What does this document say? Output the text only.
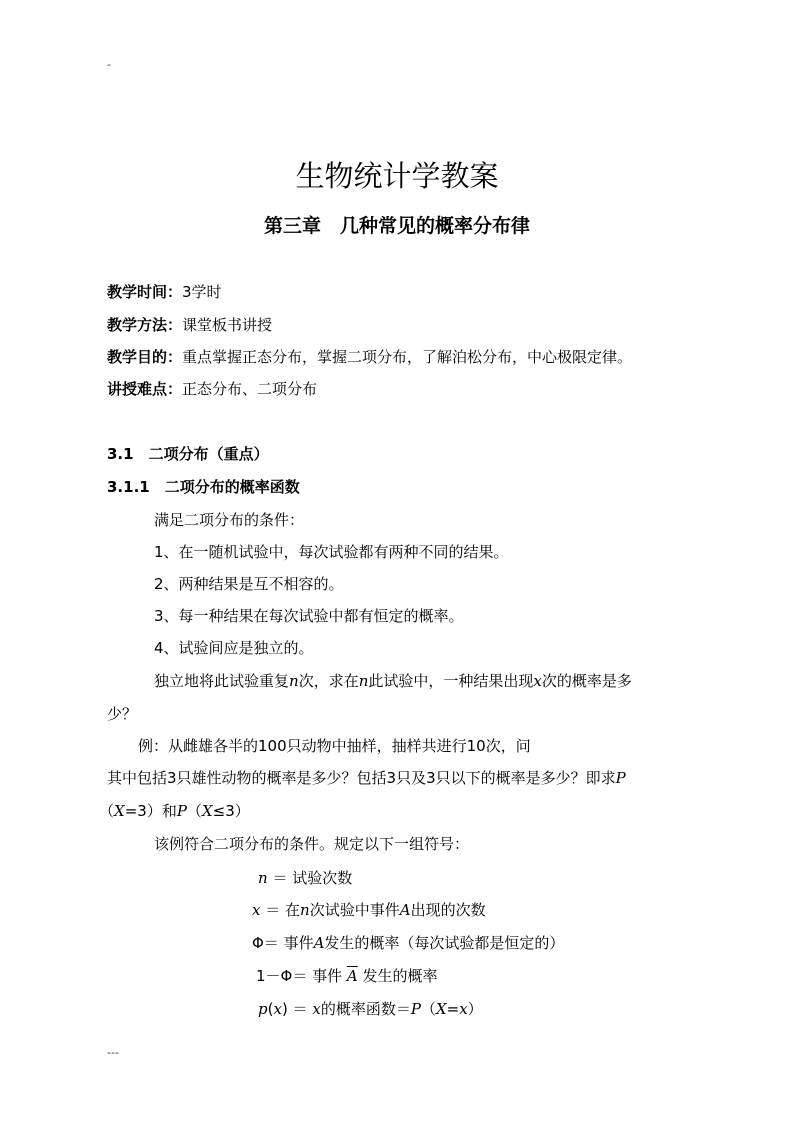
-
生物统计学教案
第三章　几种常见的概率分布律
教学时间：3学时
教学方法：课堂板书讲授
教学目的：重点掌握正态分布，掌握二项分布，了解泊松分布，中心极限定律。
讲授难点：正态分布、二项分布
3.1　二项分布（重点）
3.1.1　二项分布的概率函数
满足二项分布的条件：
1、在一随机试验中，每次试验都有两种不同的结果。
2、两种结果是互不相容的。
3、每一种结果在每次试验中都有恒定的概率。
4、试验间应是独立的。
独立地将此试验重复n次，求在n此试验中，一种结果出现x次的概率是多
少？
例：从雌雄各半的100只动物中抽样，抽样共进行10次，问
其中包括3只雄性动物的概率是多少？包括3只及3只以下的概率是多少？即求P
（X=3）和P（X≤3）
该例符合二项分布的条件。规定以下一组符号：
n ＝ 试验次数
x ＝ 在n次试验中事件A出现的次数
Φ＝ 事件A发生的概率（每次试验都是恒定的）
1－Φ＝ 事件 $\overline{A}$ 发生的概率
p(x) ＝ x的概率函数＝P（X=x）
---
